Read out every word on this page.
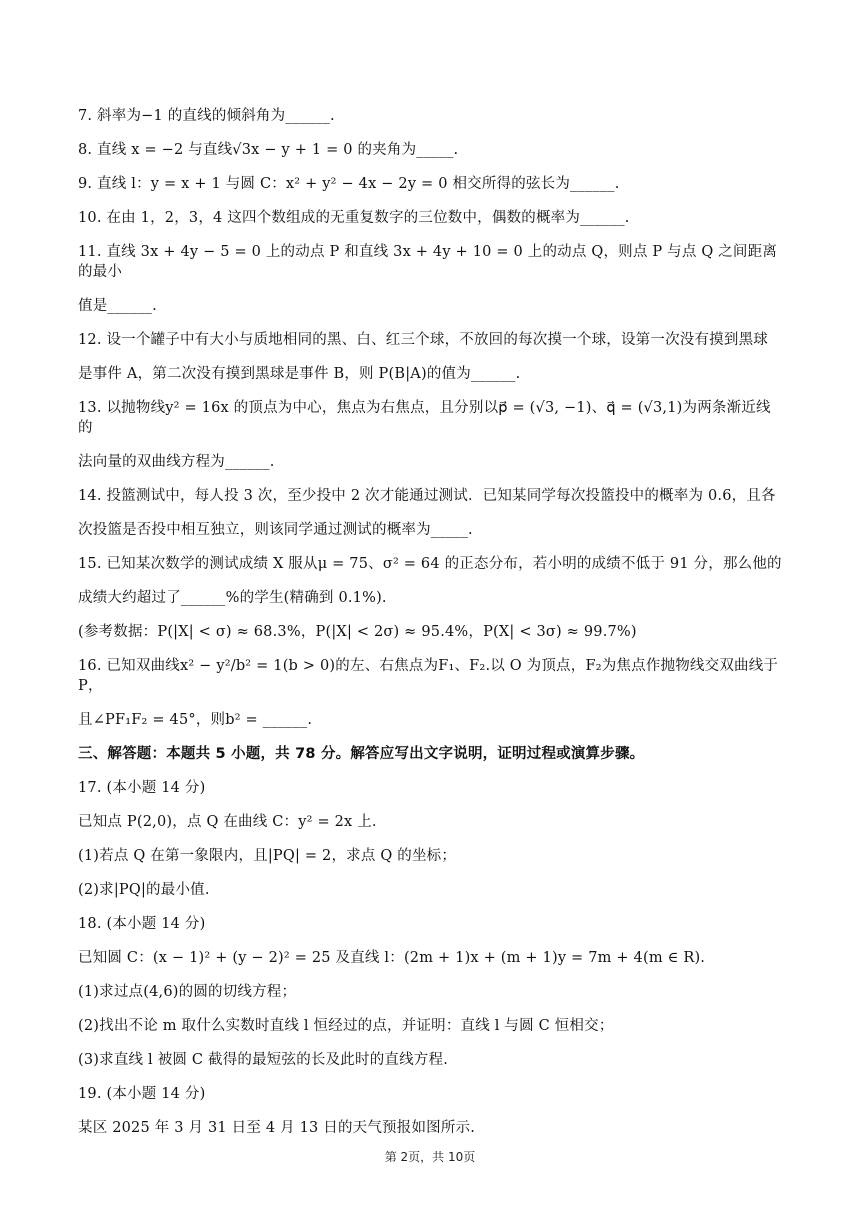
7. 斜率为−1 的直线的倾斜角为______.

8. 直线 x = −2 与直线√3x − y + 1 = 0 的夹角为_____.

9. 直线 l：y = x + 1 与圆 C：x² + y² − 4x − 2y = 0 相交所得的弦长为______.

10. 在由 1，2，3，4 这四个数组成的无重复数字的三位数中，偶数的概率为______.

11. 直线 3x + 4y − 5 = 0 上的动点 P 和直线 3x + 4y + 10 = 0 上的动点 Q，则点 P 与点 Q 之间距离的最小

值是______.

12. 设一个罐子中有大小与质地相同的黑、白、红三个球，不放回的每次摸一个球，设第一次没有摸到黑球

是事件 A，第二次没有摸到黑球是事件 B，则 P(B|A)的值为______.

13. 以抛物线y² = 16x 的顶点为中心，焦点为右焦点，且分别以p⃗ = (√3, −1)、q⃗ = (√3,1)为两条渐近线的

法向量的双曲线方程为______.

14. 投篮测试中，每人投 3 次，至少投中 2 次才能通过测试．已知某同学每次投篮投中的概率为 0.6，且各

次投篮是否投中相互独立，则该同学通过测试的概率为_____.

15. 已知某次数学的测试成绩 X 服从μ = 75、σ² = 64 的正态分布，若小明的成绩不低于 91 分，那么他的

成绩大约超过了______%的学生(精确到 0.1%).

(参考数据：P(|X| < σ) ≈ 68.3%，P(|X| < 2σ) ≈ 95.4%，P(X| < 3σ) ≈ 99.7%)

16. 已知双曲线x² − y²/b² = 1(b > 0)的左、右焦点为F₁、F₂.以 O 为顶点，F₂为焦点作抛物线交双曲线于 P，

且∠PF₁F₂ = 45°，则b² = ______.

三、解答题：本题共 5 小题，共 78 分。解答应写出文字说明，证明过程或演算步骤。

17. (本小题 14 分)

已知点 P(2,0)，点 Q 在曲线 C：y² = 2x 上.

(1)若点 Q 在第一象限内，且|PQ| = 2，求点 Q 的坐标；

(2)求|PQ|的最小值.

18. (本小题 14 分)

已知圆 C：(x − 1)² + (y − 2)² = 25 及直线 l：(2m + 1)x + (m + 1)y = 7m + 4(m ∈ R).

(1)求过点(4,6)的圆的切线方程；

(2)找出不论 m 取什么实数时直线 l 恒经过的点，并证明：直线 l 与圆 C 恒相交；

(3)求直线 l 被圆 C 截得的最短弦的长及此时的直线方程.

19. (本小题 14 分)

某区 2025 年 3 月 31 日至 4 月 13 日的天气预报如图所示.

第 2页，共 10页
